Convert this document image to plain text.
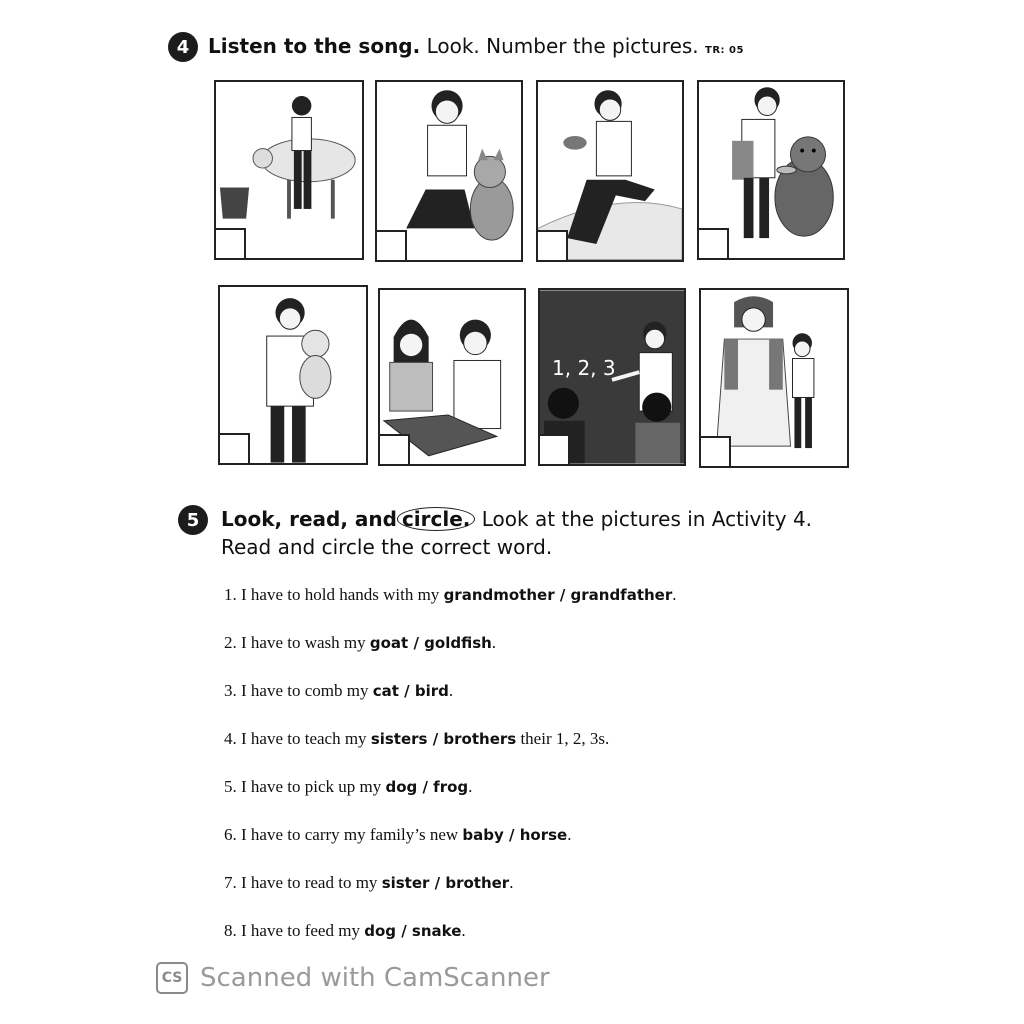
4 Listen to the song. Look. Number the pictures. TR: 05
1, 2, 3
5	Look, read, and circle. Look at the pictures in Activity 4.
Read and circle the correct word.
1. I have to hold hands with my grandmother / grandfather.
2. I have to wash my goat / goldfish.
3. I have to comb my cat / bird.
4. I have to teach my sisters / brothers their 1, 2, 3s.
5. I have to pick up my dog / frog.
6. I have to carry my family’s new baby / horse.
7. I have to read to my sister / brother.
8. I have to feed my dog / snake.
CS Scanned with CamScanner
